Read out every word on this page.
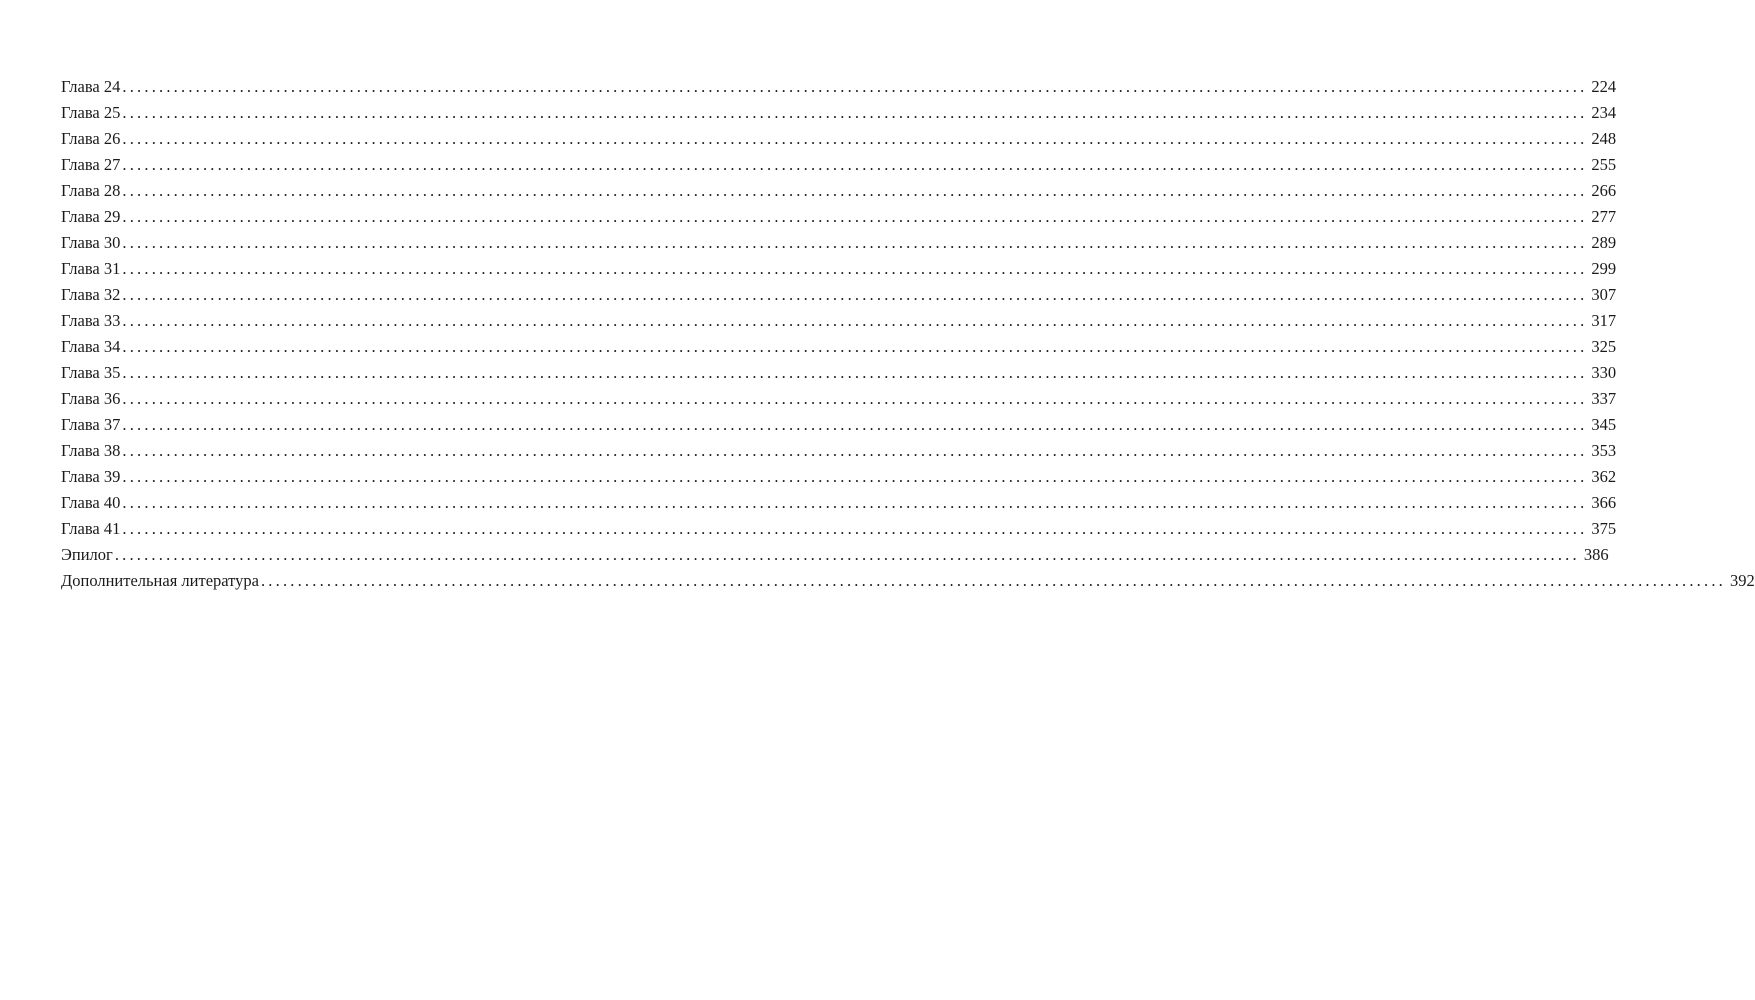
Глава 24 ........................................................................................................................................................................................................ 224
Глава 25 ........................................................................................................................................................................................................ 234
Глава 26 ........................................................................................................................................................................................................ 248
Глава 27 ........................................................................................................................................................................................................ 255
Глава 28 ........................................................................................................................................................................................................ 266
Глава 29 ........................................................................................................................................................................................................ 277
Глава 30 ........................................................................................................................................................................................................ 289
Глава 31 ........................................................................................................................................................................................................ 299
Глава 32 ........................................................................................................................................................................................................ 307
Глава 33 ........................................................................................................................................................................................................ 317
Глава 34 ........................................................................................................................................................................................................ 325
Глава 35 ........................................................................................................................................................................................................ 330
Глава 36 ........................................................................................................................................................................................................ 337
Глава 37 ........................................................................................................................................................................................................ 345
Глава 38 ........................................................................................................................................................................................................ 353
Глава 39 ........................................................................................................................................................................................................ 362
Глава 40 ........................................................................................................................................................................................................ 366
Глава 41 ........................................................................................................................................................................................................ 375
Эпилог ........................................................................................................................................................................................................ 386
Дополнительная литература ........................................................................................................................................................................................................ 392
